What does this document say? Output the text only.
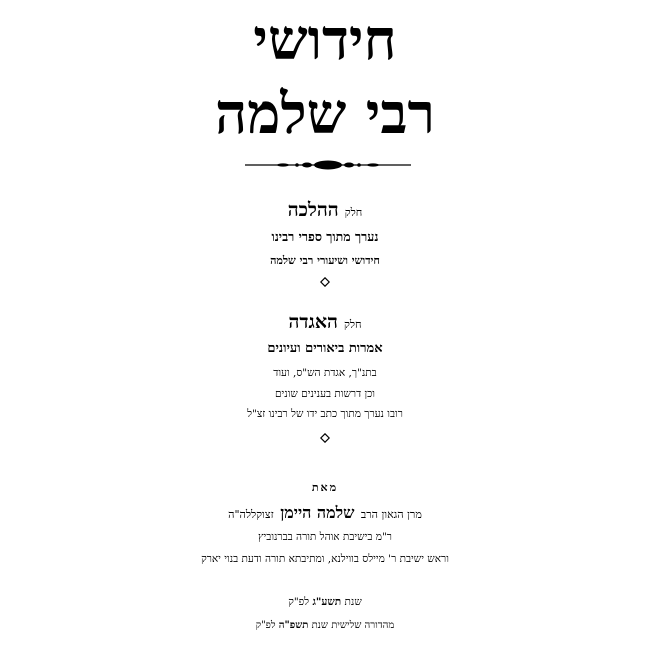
חידושי
רבי שלמה
חלקההלכה
נערך מתוך ספרי רבינו
חידושי ושיעורי רבי שלמה
חלקהאגדה
אמרות ביאורים ועיונים
בתנ"ך, אגדת הש"ס, ועוד
וכן דרשות בענינים שונים
רובו נערך מתוך כתב ידו של רבינו זצ"ל
מאת
מרן הגאון הרב שלמה היימן זצוקללה"ה
ר"מ בישיבת אוהל תורה בברנוביץ
וראש ישיבת ר' מיילס בווילנא, ומתיבתא תורה ודעת בנוי יארק
שנת תשע"ג לפ"ק
מהדורה שלישית שנת תשפ"ה לפ"ק
